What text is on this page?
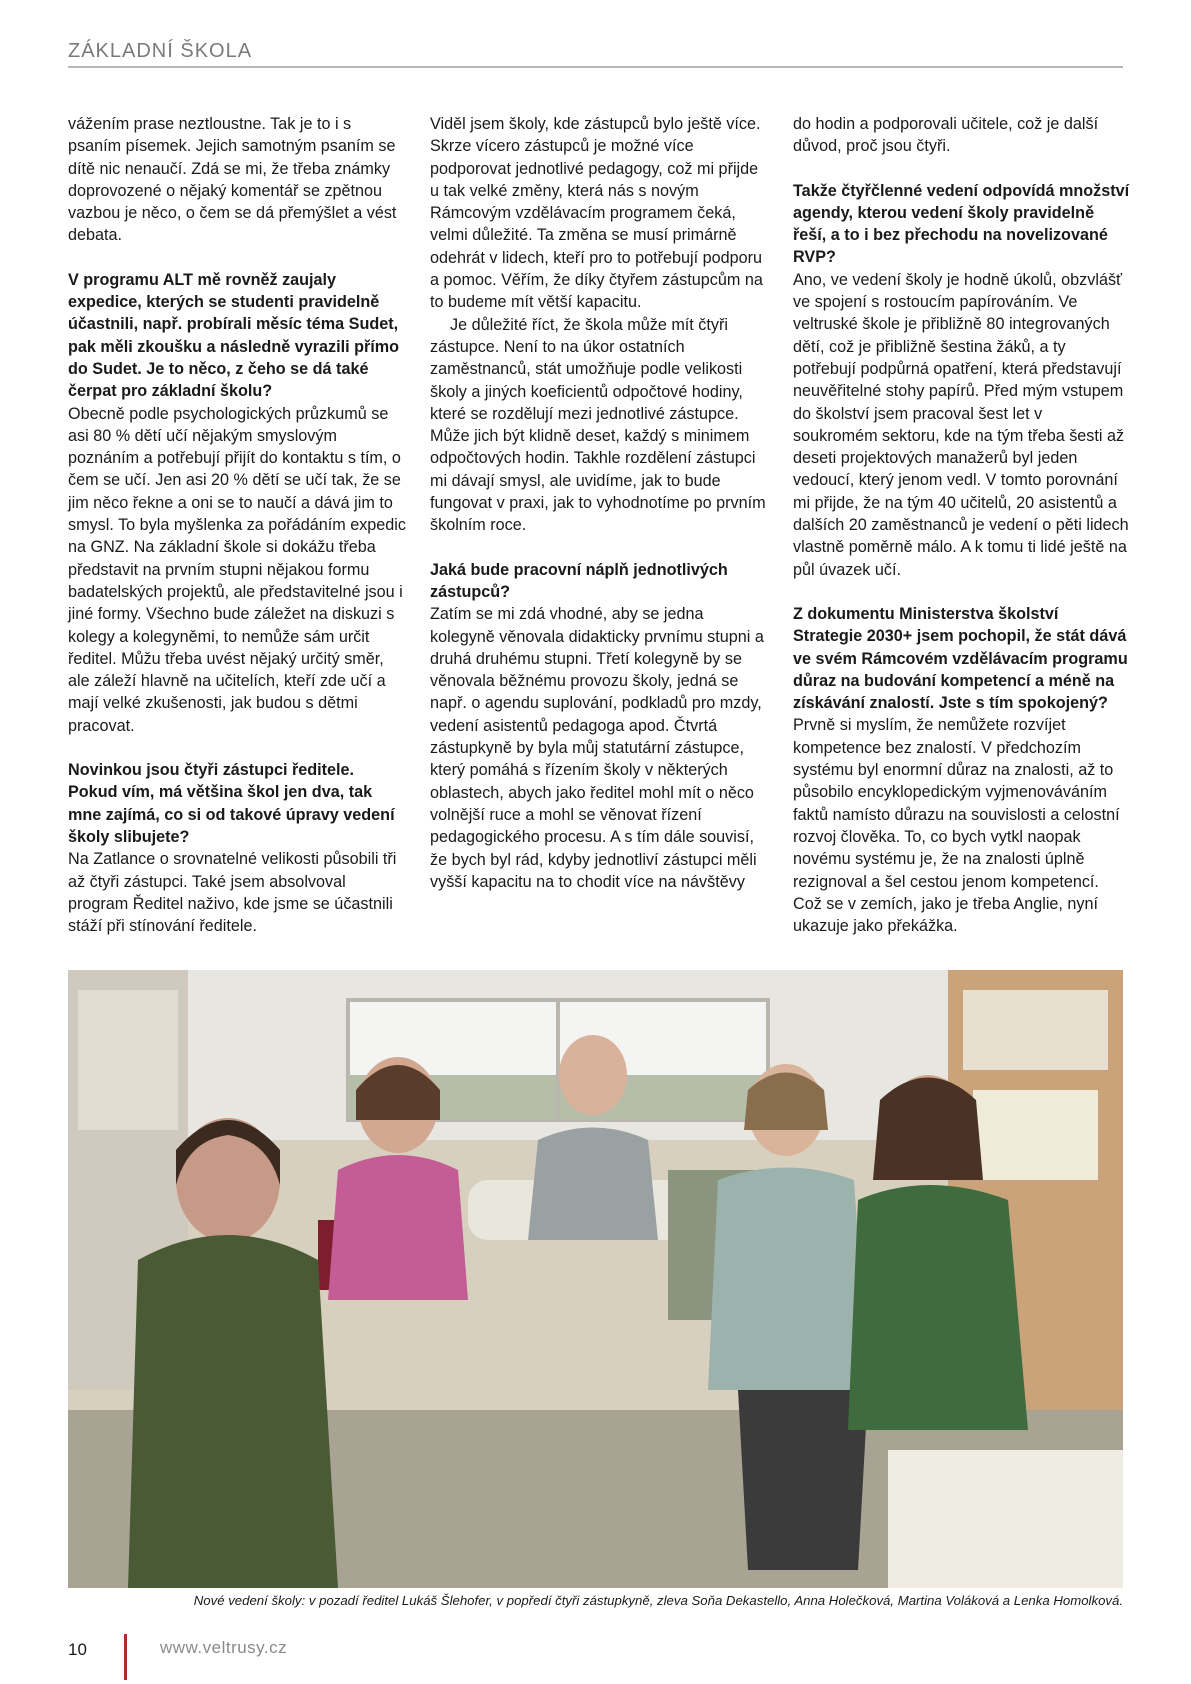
ZÁKLADNÍ ŠKOLA

vážením prase neztloustne. Tak je to i s psaním písemek. Jejich samotným psaním se dítě nic nenaučí. Zdá se mi, že třeba známky doprovozené o nějaký komentář se zpětnou vazbou je něco, o čem se dá přemýšlet a vést debata.

V programu ALT mě rovněž zaujaly expedice, kterých se studenti pravidelně účastnili, např. probírali měsíc téma Sudet, pak měli zkoušku a následně vyrazili přímo do Sudet. Je to něco, z čeho se dá také čerpat pro základní školu?

Obecně podle psychologických průzkumů se asi 80 % dětí učí nějakým smyslovým poznáním a potřebují přijít do kontaktu s tím, o čem se učí. Jen asi 20 % dětí se učí tak, že se jim něco řekne a oni se to naučí a dává jim to smysl. To byla myšlenka za pořádáním expedic na GNZ. Na základní škole si dokážu třeba představit na prvním stupni nějakou formu badatelských projektů, ale představitelné jsou i jiné formy. Všechno bude záležet na diskuzi s kolegy a kolegyněmi, to nemůže sám určit ředitel. Můžu třeba uvést nějaký určitý směr, ale záleží hlavně na učitelích, kteří zde učí a mají velké zkušenosti, jak budou s dětmi pracovat.

Novinkou jsou čtyři zástupci ředitele. Pokud vím, má většina škol jen dva, tak mne zajímá, co si od takové úpravy vedení školy slibujete?

Na Zatlance o srovnatelné velikosti působili tři až čtyři zástupci. Také jsem absolvoval program Ředitel naživo, kde jsme se účastnili stáží při stínování ředitele.

Viděl jsem školy, kde zástupců bylo ještě více. Skrze vícero zástupců je možné více podporovat jednotlivé pedagogy, což mi přijde u tak velké změny, která nás s novým Rámcovým vzdělávacím programem čeká, velmi důležité. Ta změna se musí primárně odehrát v lidech, kteří pro to potřebují podporu a pomoc. Věřím, že díky čtyřem zástupcům na to budeme mít větší kapacitu.

Je důležité říct, že škola může mít čtyři zástupce. Není to na úkor ostatních zaměstnanců, stát umožňuje podle velikosti školy a jiných koeficientů odpočtové hodiny, které se rozdělují mezi jednotlivé zástupce. Může jich být klidně deset, každý s minimem odpočtových hodin. Takhle rozdělení zástupci mi dávají smysl, ale uvidíme, jak to bude fungovat v praxi, jak to vyhodnotíme po prvním školním roce.

Jaká bude pracovní náplň jednotlivých zástupců?

Zatím se mi zdá vhodné, aby se jedna kolegyně věnovala didakticky prvnímu stupni a druhá druhému stupni. Třetí kolegyně by se věnovala běžnému provozu školy, jedná se např. o agendu suplování, podkladů pro mzdy, vedení asistentů pedagoga apod. Čtvrtá zástupkyně by byla můj statutární zástupce, který pomáhá s řízením školy v některých oblastech, abych jako ředitel mohl mít o něco volnější ruce a mohl se věnovat řízení pedagogického procesu. A s tím dále souvisí, že bych byl rád, kdyby jednotliví zástupci měli vyšší kapacitu na to chodit více na návštěvy

do hodin a podporovali učitele, což je další důvod, proč jsou čtyři.

Takže čtyřčlenné vedení odpovídá množství agendy, kterou vedení školy pravidelně řeší, a to i bez přechodu na novelizované RVP?

Ano, ve vedení školy je hodně úkolů, obzvlášť ve spojení s rostoucím papírováním. Ve veltruské škole je přibližně 80 integrovaných dětí, což je přibližně šestina žáků, a ty potřebují podpůrná opatření, která představují neuvěřitelné stohy papírů. Před mým vstupem do školství jsem pracoval šest let v soukromém sektoru, kde na tým třeba šesti až deseti projektových manažerů byl jeden vedoucí, který jenom vedl. V tomto porovnání mi přijde, že na tým 40 učitelů, 20 asistentů a dalších 20 zaměstnanců je vedení o pěti lidech vlastně poměrně málo. A k tomu ti lidé ještě na půl úvazek učí.

Z dokumentu Ministerstva školství Strategie 2030+ jsem pochopil, že stát dává ve svém Rámcovém vzdělávacím programu důraz na budování kompetencí a méně na získávání znalostí. Jste s tím spokojený?

Prvně si myslím, že nemůžete rozvíjet kompetence bez znalostí. V předchozím systému byl enormní důraz na znalosti, až to působilo encyklopedickým vyjmenováváním faktů namísto důrazu na souvislosti a celostní rozvoj člověka. To, co bych vytkl naopak novému systému je, že na znalosti úplně rezignoval a šel cestou jenom kompetencí. Což se v zemích, jako je třeba Anglie, nyní ukazuje jako překážka.

Nové vedení školy: v pozadí ředitel Lukáš Šlehofer, v popředí čtyři zástupkyně, zleva Soňa Dekastello, Anna Holečková, Martina Voláková a Lenka Homolková.
10	www.veltrusy.cz
